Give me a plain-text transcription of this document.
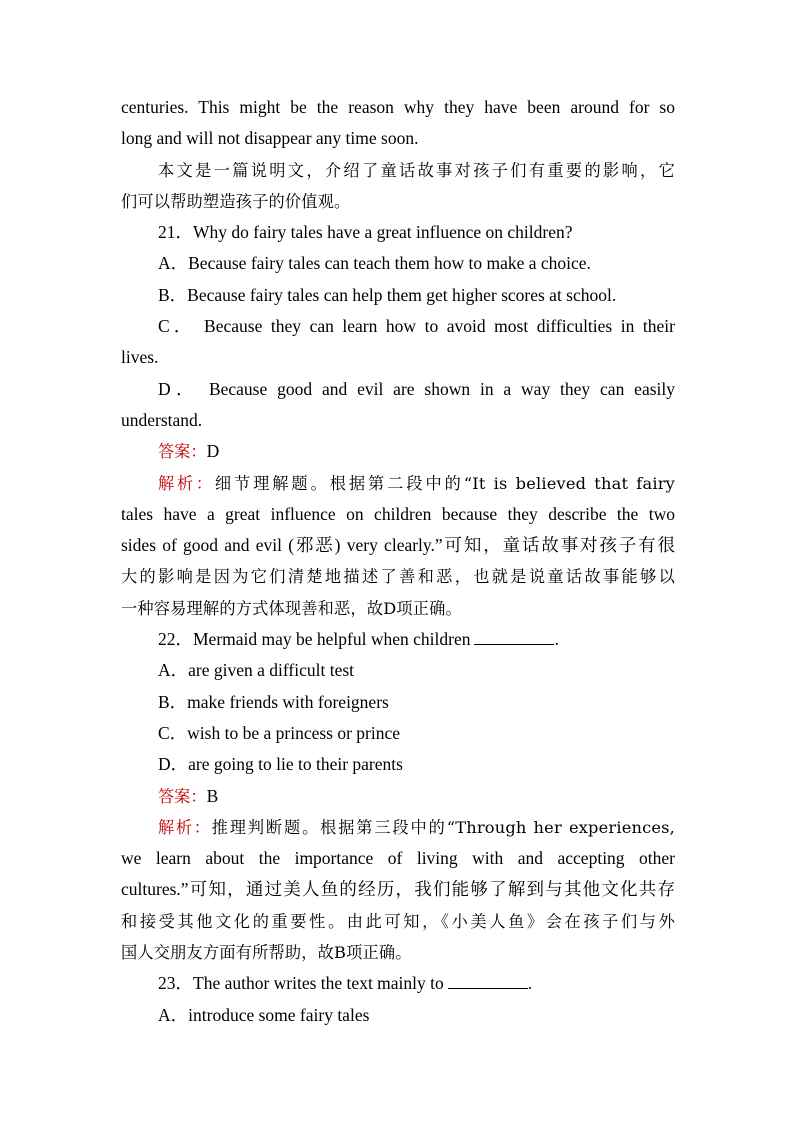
centuries. This might be the reason why they have been around for so
long and will not disappear any time soon.
本文是一篇说明文，介绍了童话故事对孩子们有重要的影响，它
们可以帮助塑造孩子的价值观。
21．Why do fairy tales have a great influence on children?
A．Because fairy tales can teach them how to make a choice.
B．Because fairy tales can help them get higher scores at school.
C． Because they can learn how to avoid most difficulties in their
lives.
D． Because good and evil are shown in a way they can easily
understand.
答案：D
解析：细节理解题。根据第二段中的“It is believed that fairy
tales have a great influence on children because they describe the two
sides of good and evil (邪恶) very clearly.”可知，童话故事对孩子有很
大的影响是因为它们清楚地描述了善和恶，也就是说童话故事能够以
一种容易理解的方式体现善和恶，故D项正确。
22．Mermaid may be helpful when children	.
A．are given a difficult test
B．make friends with foreigners
C．wish to be a princess or prince
D．are going to lie to their parents
答案：B
解析：推理判断题。根据第三段中的“Through her experiences,
we learn about the importance of living with and accepting other
cultures.”可知，通过美人鱼的经历，我们能够了解到与其他文化共存
和接受其他文化的重要性。由此可知，《小美人鱼》会在孩子们与外
国人交朋友方面有所帮助，故B项正确。
23．The author writes the text mainly to	.
A．introduce some fairy tales
